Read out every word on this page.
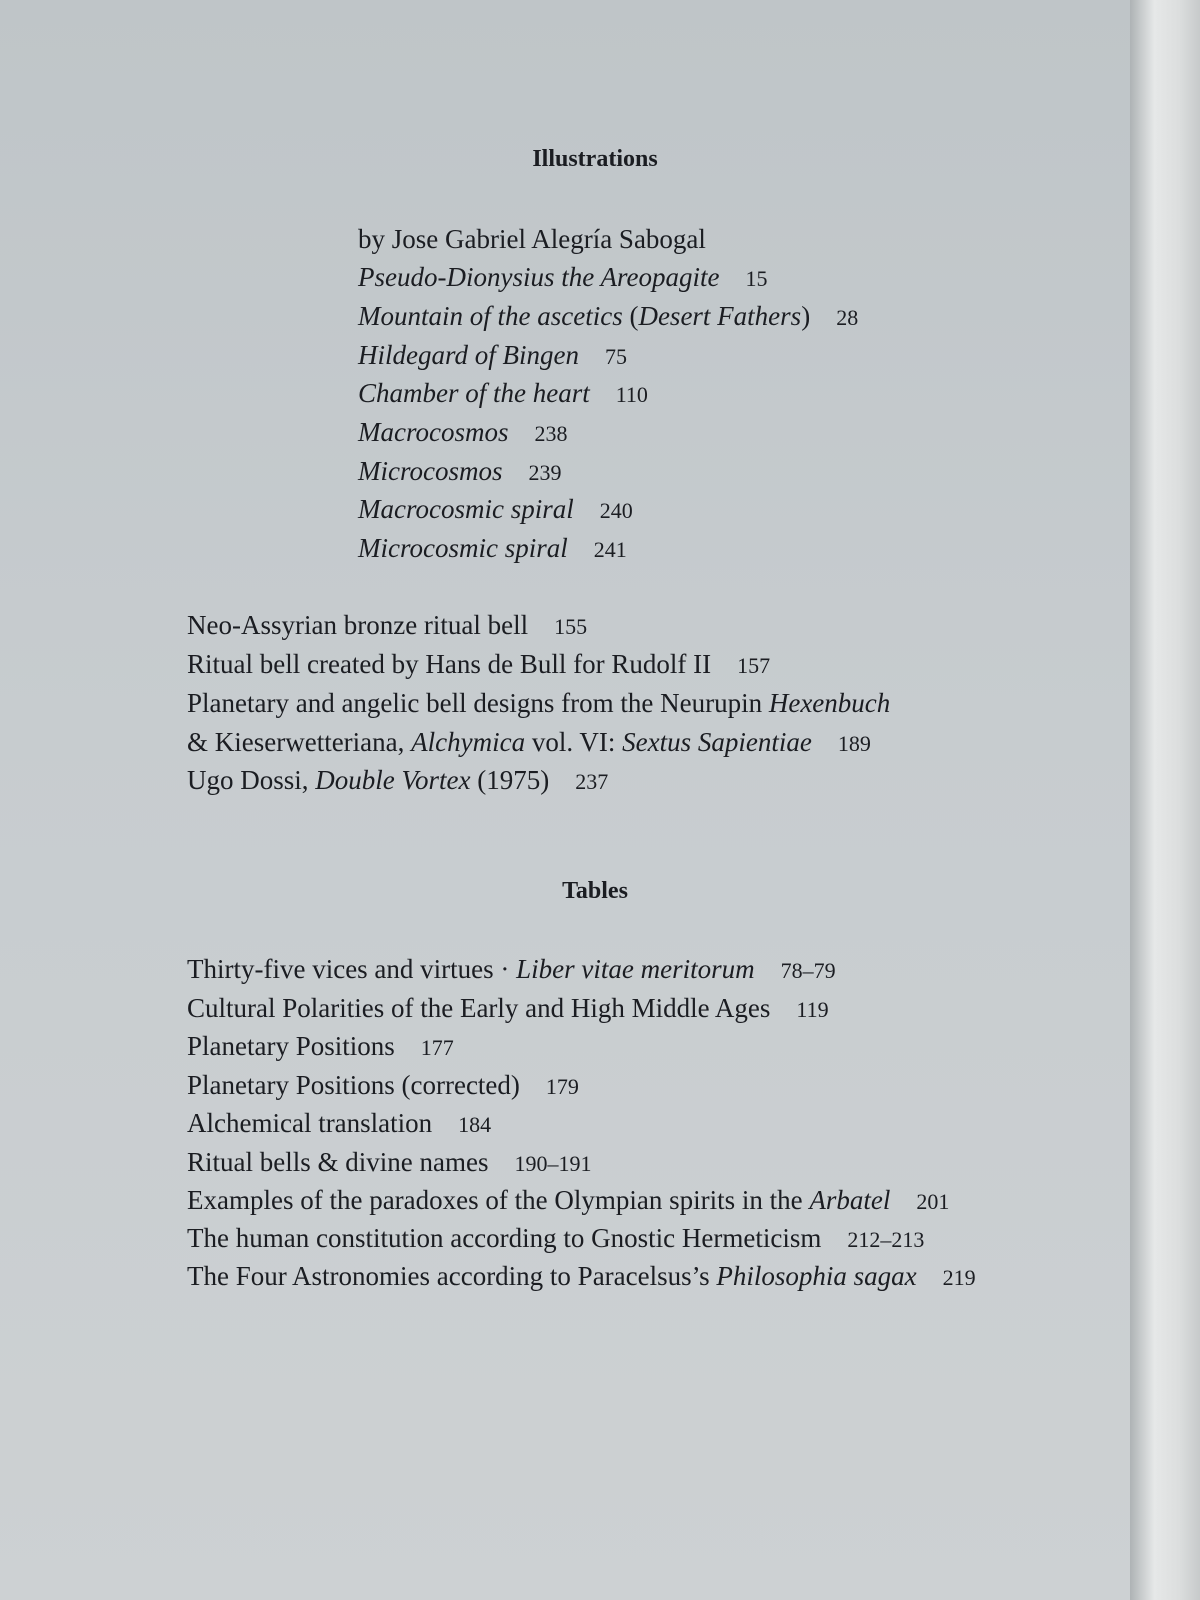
Illustrations
by Jose Gabriel Alegría Sabogal
Pseudo-Dionysius the Areopagite 15
Mountain of the ascetics (Desert Fathers) 28
Hildegard of Bingen 75
Chamber of the heart 110
Macrocosmos 238
Microcosmos 239
Macrocosmic spiral 240
Microcosmic spiral 241
Neo-Assyrian bronze ritual bell 155
Ritual bell created by Hans de Bull for Rudolf II 157
Planetary and angelic bell designs from the Neurupin Hexenbuch
& Kieserwetteriana, Alchymica vol. VI: Sextus Sapientiae 189
Ugo Dossi, Double Vortex (1975) 237
Tables
Thirty-five vices and virtues · Liber vitae meritorum 78–79
Cultural Polarities of the Early and High Middle Ages 119
Planetary Positions 177
Planetary Positions (corrected) 179
Alchemical translation 184
Ritual bells & divine names 190–191
Examples of the paradoxes of the Olympian spirits in the Arbatel 201
The human constitution according to Gnostic Hermeticism 212–213
The Four Astronomies according to Paracelsus’s Philosophia sagax 219
